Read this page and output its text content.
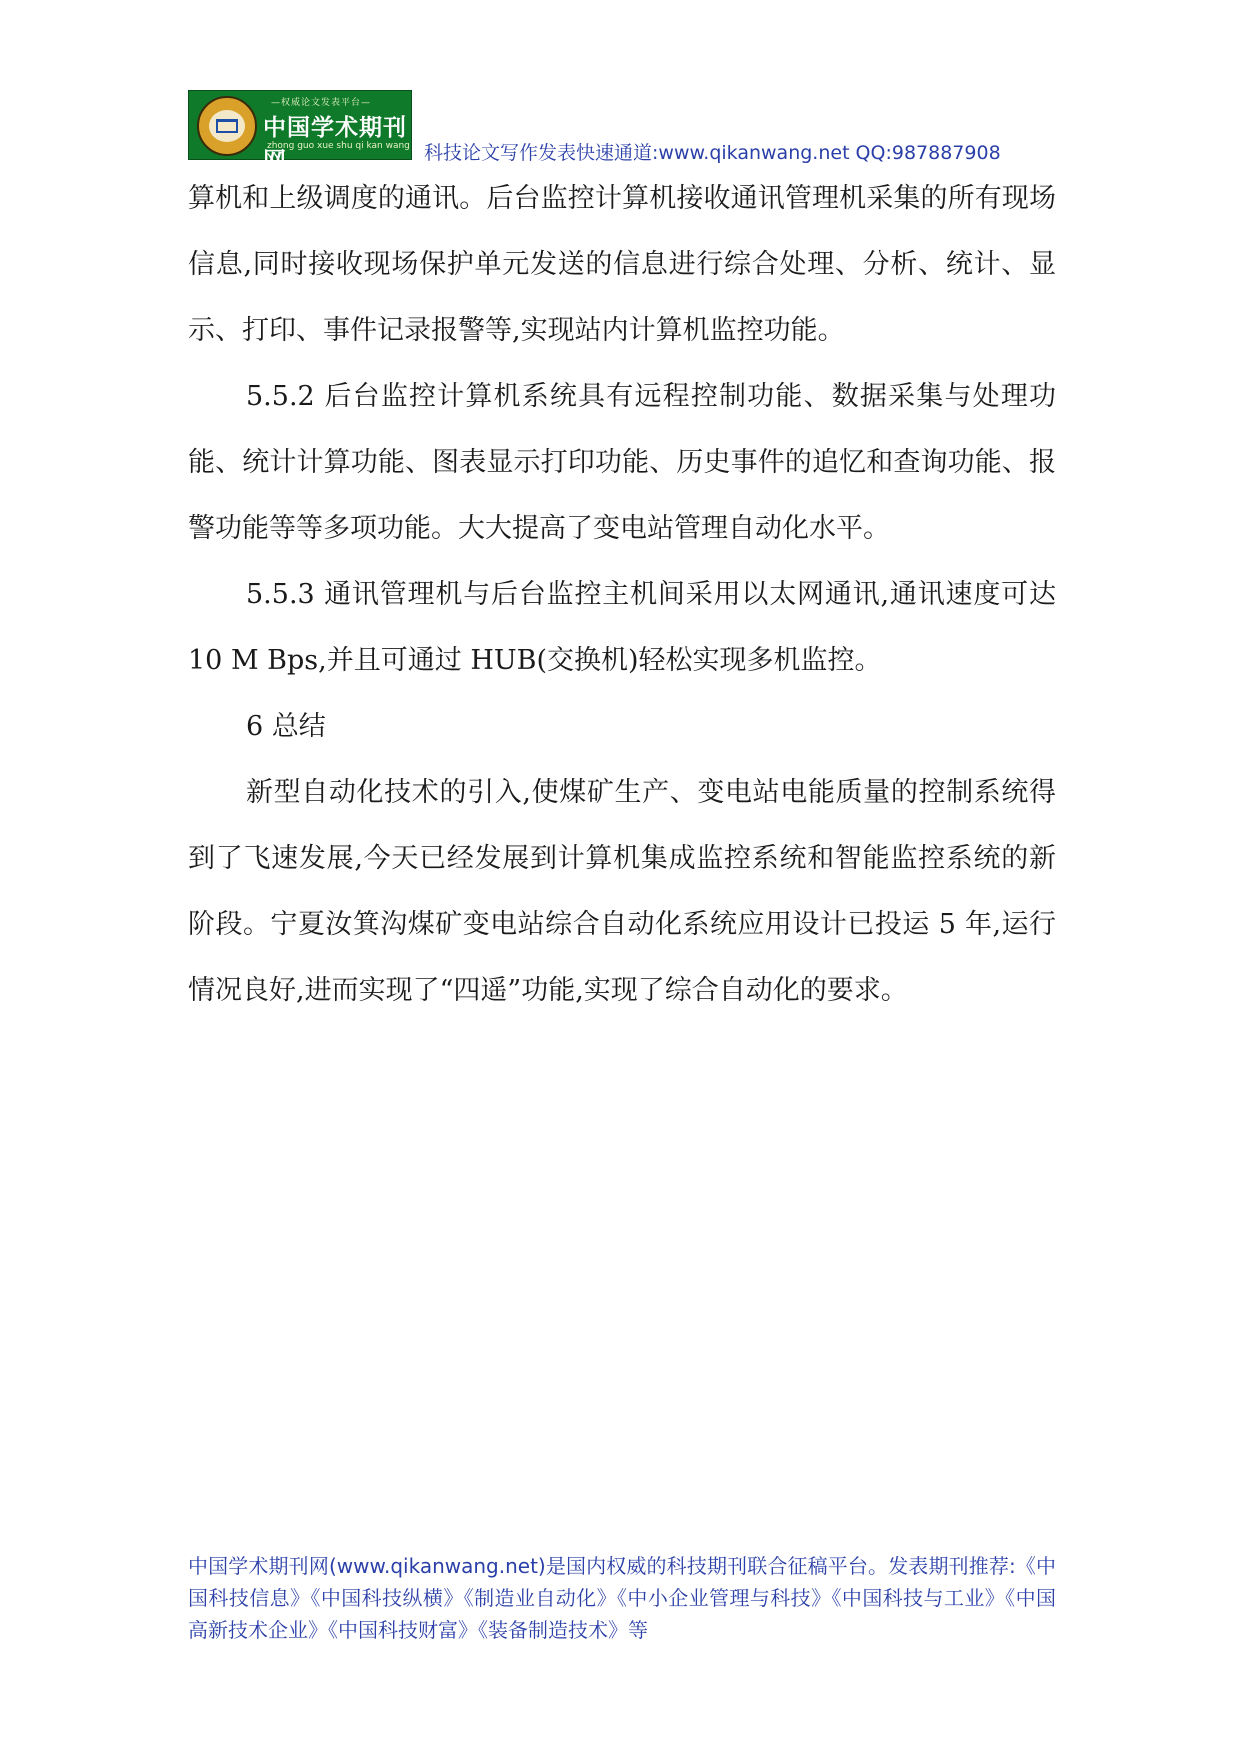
—权威论文发表平台—
中国学术期刊网
zhong guo xue shu qi kan wang 科技论文写作发表快速通道:www.qikanwang.net QQ:987887908

算机和上级调度的通讯。后台监控计算机接收通讯管理机采集的所有现场信息,同时接收现场保护单元发送的信息进行综合处理、分析、统计、显示、打印、事件记录报警等,实现站内计算机监控功能。

5.5.2 后台监控计算机系统具有远程控制功能、数据采集与处理功能、统计计算功能、图表显示打印功能、历史事件的追忆和查询功能、报警功能等等多项功能。大大提高了变电站管理自动化水平。

5.5.3 通讯管理机与后台监控主机间采用以太网通讯,通讯速度可达 10 M Bps,并且可通过 HUB(交换机)轻松实现多机监控。

6 总结

新型自动化技术的引入,使煤矿生产、变电站电能质量的控制系统得到了飞速发展,今天已经发展到计算机集成监控系统和智能监控系统的新阶段。宁夏汝箕沟煤矿变电站综合自动化系统应用设计已投运 5 年,运行情况良好,进而实现了“四遥”功能,实现了综合自动化的要求。

中国学术期刊网(www.qikanwang.net)是国内权威的科技期刊联合征稿平台。发表期刊推荐:《中国科技信息》《中国科技纵横》《制造业自动化》《中小企业管理与科技》《中国科技与工业》《中国高新技术企业》《中国科技财富》《装备制造技术》等
